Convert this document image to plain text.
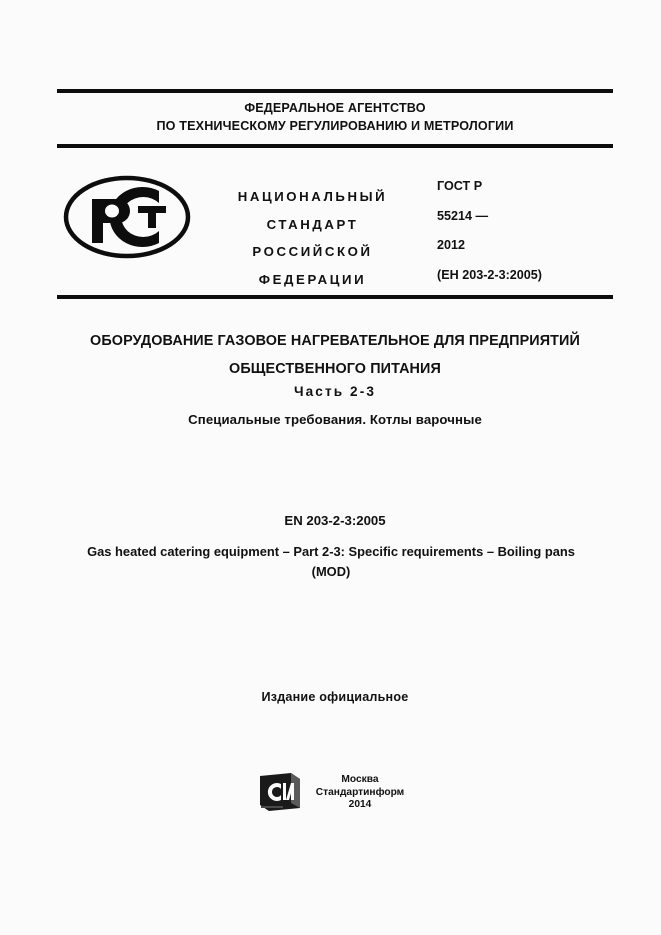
ФЕДЕРАЛЬНОЕ АГЕНТСТВО
ПО ТЕХНИЧЕСКОМУ РЕГУЛИРОВАНИЮ И МЕТРОЛОГИИ
НАЦИОНАЛЬНЫЙ
СТАНДАРТ
РОССИЙСКОЙ
ФЕДЕРАЦИИ
ГОСТ Р
55214 —
2012
(ЕН 203-2-3:2005)
ОБОРУДОВАНИЕ ГАЗОВОЕ НАГРЕВАТЕЛЬНОЕ ДЛЯ ПРЕДПРИЯТИЙ
ОБЩЕСТВЕННОГО ПИТАНИЯ
Часть 2-3
Специальные требования. Котлы варочные
EN 203-2-3:2005
Gas heated catering equipment – Part 2-3: Specific requirements – Boiling pans
(MOD)
Издание официальное
Москва
Стандартинформ
2014
